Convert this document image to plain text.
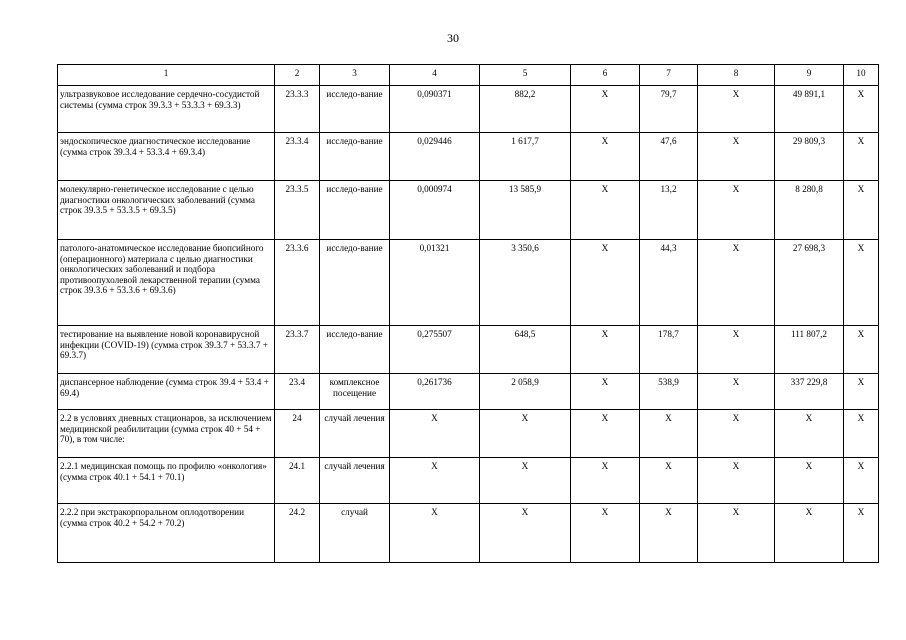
30
1	2	3	4	5	6	7	8	9	10
ультразвуковое исследование сердечно-сосудистой системы (сумма строк 39.3.3 + 53.3.3 + 69.3.3)	23.3.3	исследо-вание	0,090371	882,2	X	79,7	X	49 891,1	X
эндоскопическое диагностическое исследование (сумма строк 39.3.4 + 53.3.4 + 69.3.4)	23.3.4	исследо-вание	0,029446	1 617,7	X	47,6	X	29 809,3	X
молекулярно-генетическое исследование с целью диагностики онкологических заболеваний (сумма строк 39.3.5 + 53.3.5 + 69.3.5)	23.3.5	исследо-вание	0,000974	13 585,9	X	13,2	X	8 280,8	X
патолого-анатомическое исследование биопсийного (операционного) материала с целью диагностики онкологических заболеваний и подбора противоопухолевой лекарственной терапии (сумма строк 39.3.6 + 53.3.6 + 69.3.6)	23.3.6	исследо-вание	0,01321	3 350,6	X	44,3	X	27 698,3	X
тестирование на выявление новой коронавирусной инфекции (COVID-19) (сумма строк 39.3.7 + 53.3.7 + 69.3.7)	23.3.7	исследо-вание	0,275507	648,5	X	178,7	X	111 807,2	X
диспансерное наблюдение (сумма строк 39.4 + 53.4 + 69.4)	23.4	комплексное посещение	0,261736	2 058,9	X	538,9	X	337 229,8	X
2.2 в условиях дневных стационаров, за исключением медицинской реабилитации (сумма строк 40 + 54 + 70), в том числе:	24	случай лечения	X	X	X	X	X	X	X
2.2.1 медицинская помощь по профилю «онкология» (сумма строк 40.1 + 54.1 + 70.1)	24.1	случай лечения	X	X	X	X	X	X	X
2.2.2 при экстракорпоральном оплодотворении (сумма строк 40.2 + 54.2 + 70.2)	24.2	случай	X	X	X	X	X	X	X
